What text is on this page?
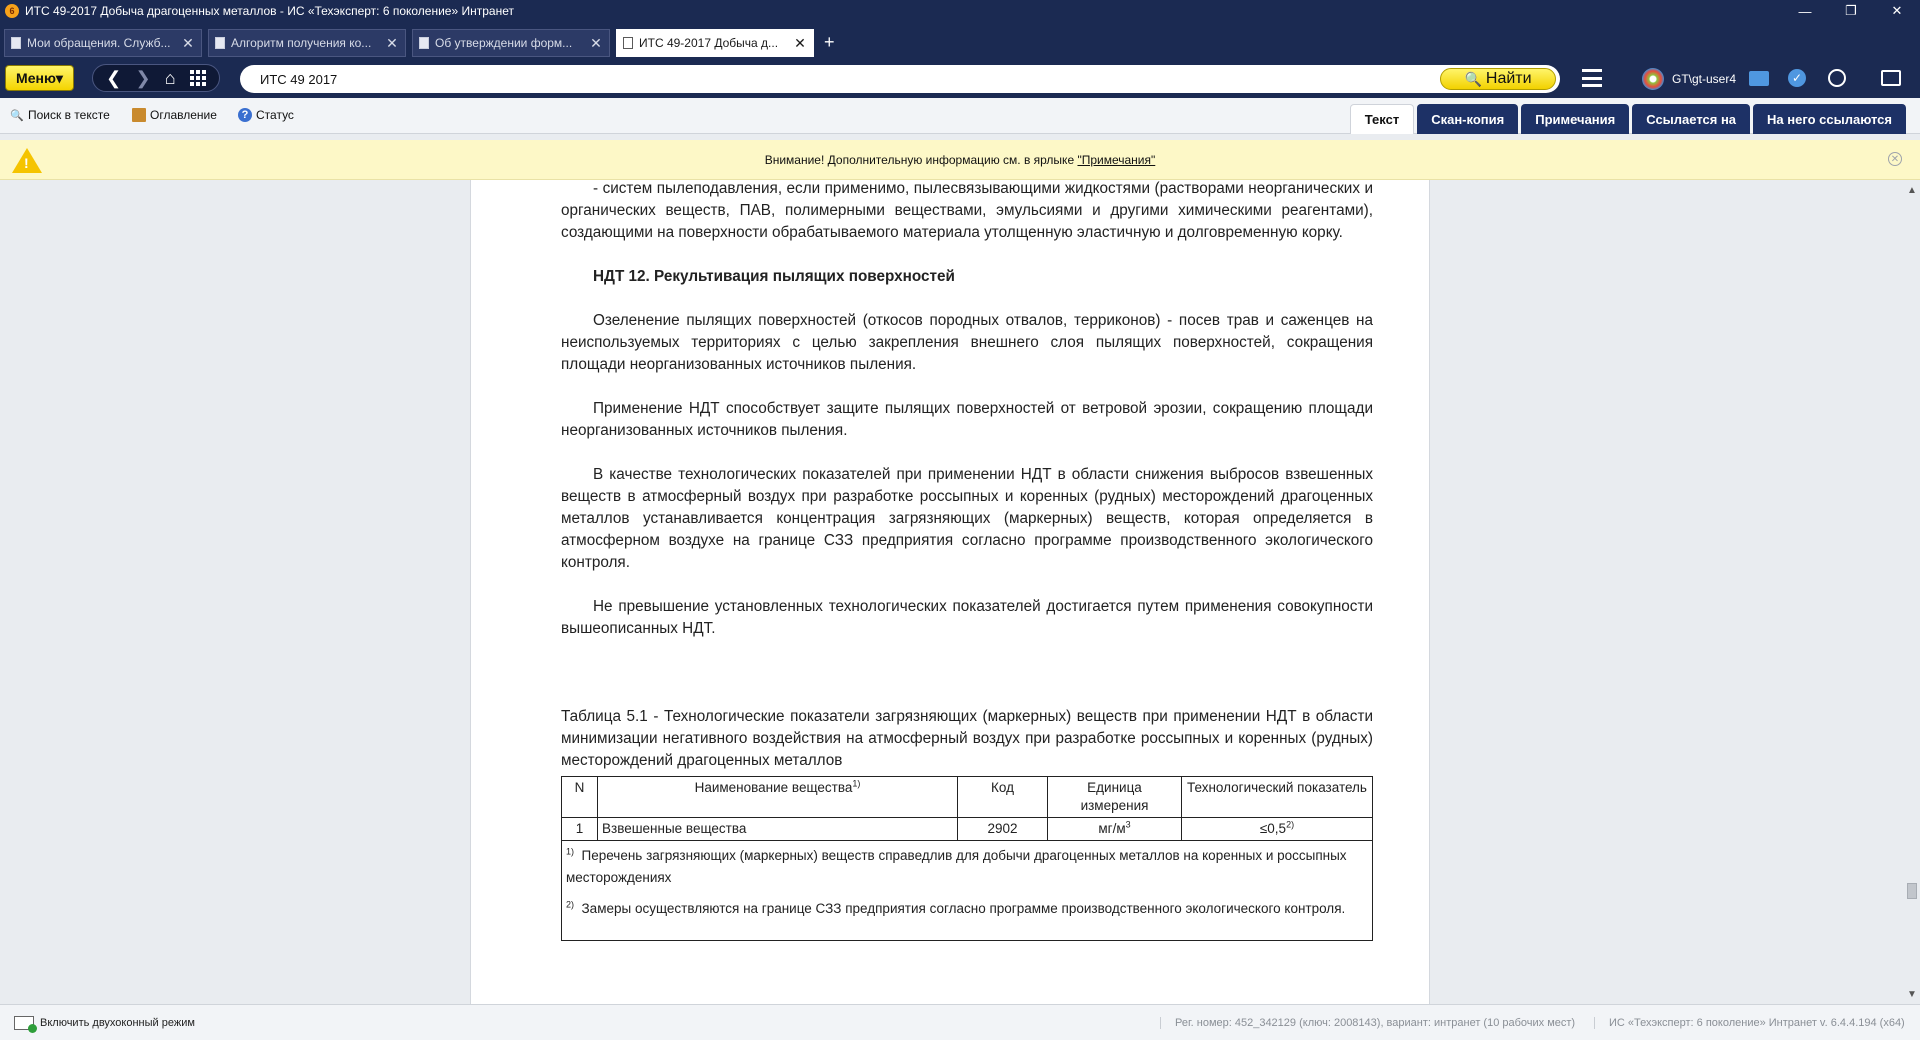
6 ИТС 49-2017 Добыча драгоценных металлов - ИС «Техэксперт: 6 поколение» Интранет	—	❐	✕
Мои обращения. Служб... ✕	Алгоритм получения ко...	✕	Об утверждении форм...	✕	ИТС 49-2017 Добыча д...	✕ +
Меню▾	❮ ❯ ⌂
ИТС 49 2017	🔍 Найти	GT\gt-user4	✓
🔍 Поиск в тексте	Оглавление	? Статус	Текст	Скан-копия	Примечания	Ссылается на	На него ссылаются
!	Внимание! Дополнительную информацию см. в ярлыке "Примечания"	✕

- систем пылеподавления, если применимо, пылесвязывающими жидкостями (растворами неорганических и органических веществ, ПАВ, полимерными веществами, эмульсиями и другими химическими реагентами), создающими на поверхности обрабатываемого материала утолщенную эластичную и долговременную корку.

НДТ 12. Рекультивация пылящих поверхностей

Озеленение пылящих поверхностей (откосов породных отвалов, терриконов) - посев трав и саженцев на неиспользуемых территориях с целью закрепления внешнего слоя пылящих поверхностей, сокращения площади неорганизованных источников пыления.

Применение НДТ способствует защите пылящих поверхностей от ветровой эрозии, сокращению площади неорганизованных источников пыления.

В качестве технологических показателей при применении НДТ в области снижения выбросов взвешенных веществ в атмосферный воздух при разработке россыпных и коренных (рудных) месторождений драгоценных металлов устанавливается концентрация загрязняющих (маркерных) веществ, которая определяется в атмосферном воздухе на границе СЗЗ предприятия согласно программе производственного экологического контроля.

Не превышение установленных технологических показателей достигается путем применения совокупности вышеописанных НДТ.

Таблица 5.1 - Технологические показатели загрязняющих (маркерных) веществ при применении НДТ в области минимизации негативного воздействия на атмосферный воздух при разработке россыпных и коренных (рудных) месторождений драгоценных металлов

N	Наименование вещества$^{1)}$	Код	Единица измерения	Технологический показатель
1	Взвешенные вещества	2902	$мг/м^3$	$\le 0,5^{2)}$

$^{1)}$ Перечень загрязняющих (маркерных) веществ справедлив для добычи драгоценных металлов на коренных и россыпных месторождениях
$^{2)}$ Замеры осуществляются на границе СЗЗ предприятия согласно программе производственного экологического контроля.				
▲
▼
Включить двухоконный режим	Рег. номер: 452_342129 (ключ: 2008143), вариант: интранет (10 рабочих мест)	ИС «Техэксперт: 6 поколение» Интранет v. 6.4.4.194 (x64)
